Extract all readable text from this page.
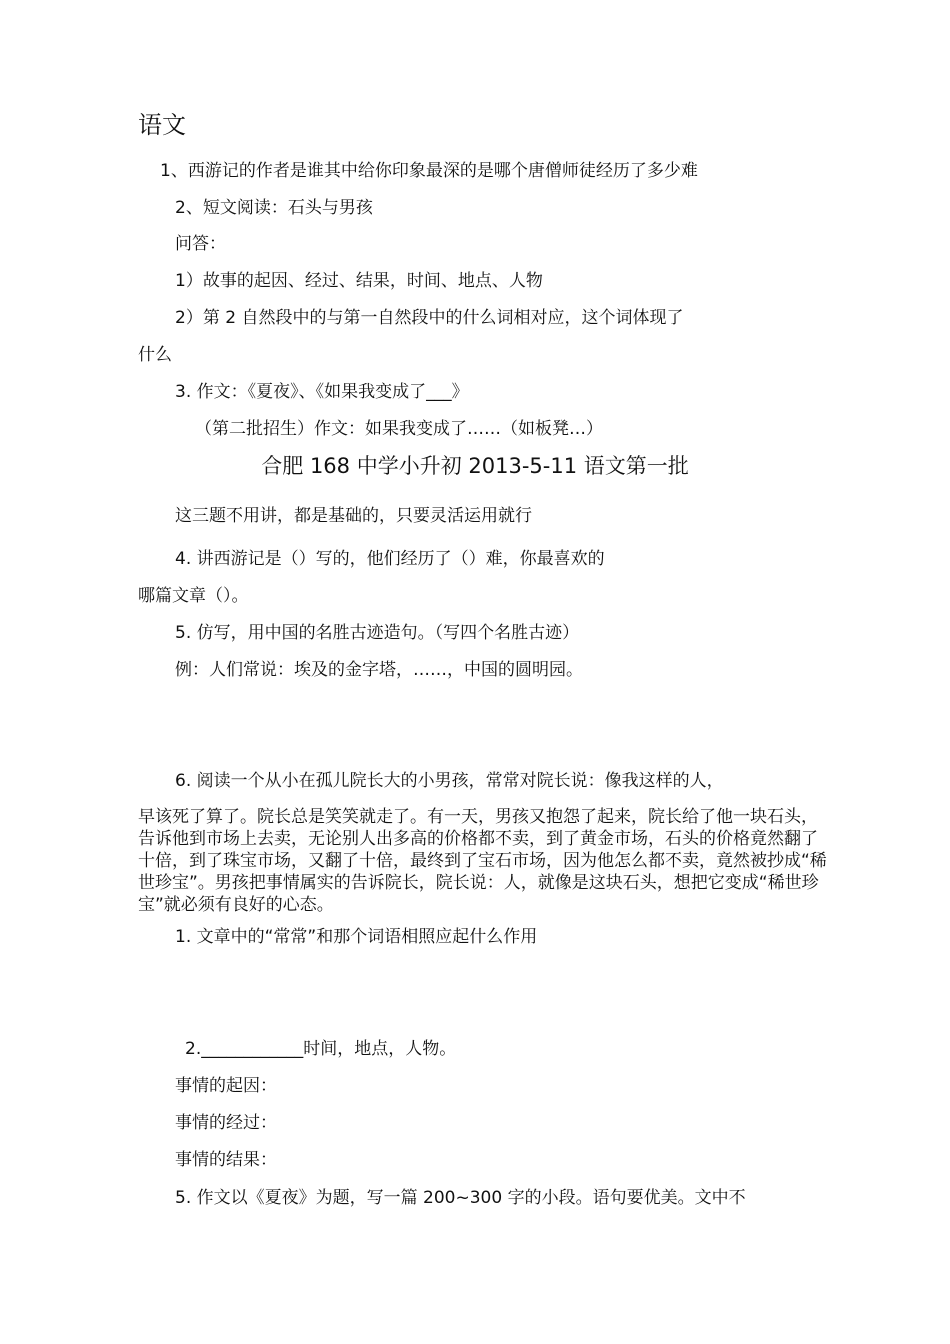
语文
1、西游记的作者是谁其中给你印象最深的是哪个唐僧师徒经历了多少难
2、短文阅读：石头与男孩
问答：
1）故事的起因、经过、结果，时间、地点、人物
2）第 2 自然段中的与第一自然段中的什么词相对应，这个词体现了
什么
3. 作文：《夏夜》、《如果我变成了___》
（第二批招生）作文：如果我变成了……（如板凳…）
合肥 168 中学小升初 2013-5-11 语文第一批
这三题不用讲，都是基础的，只要灵活运用就行
4. 讲西游记是（）写的，他们经历了（）难，你最喜欢的
哪篇文章（）。
5. 仿写，用中国的名胜古迹造句。（写四个名胜古迹）
例：人们常说：埃及的金字塔，……，中国的圆明园。
6. 阅读一个从小在孤儿院长大的小男孩，常常对院长说：像我这样的人，
早该死了算了。院长总是笑笑就走了。有一天，男孩又抱怨了起来，院长给了他一块石头，告诉他到市场上去卖，无论别人出多高的价格都不卖，到了黄金市场，石头的价格竟然翻了十倍，到了珠宝市场，又翻了十倍，最终到了宝石市场，因为他怎么都不卖，竟然被抄成“稀世珍宝”。男孩把事情属实的告诉院长，院长说：人，就像是这块石头，想把它变成“稀世珍宝”就必须有良好的心态。
1. 文章中的“常常”和那个词语相照应起什么作用
2.____________时间，地点，人物。
事情的起因：
事情的经过：
事情的结果：
5. 作文以《夏夜》为题，写一篇 200~300 字的小段。语句要优美。文中不
